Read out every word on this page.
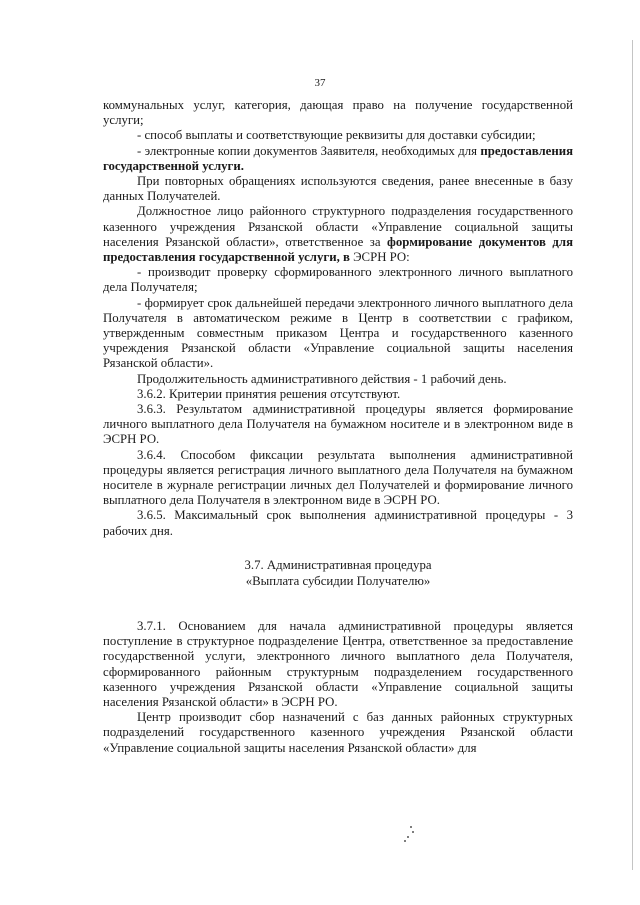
37

коммунальных услуг, категория, дающая право на получение государственной услуги;

- способ выплаты и соответствующие реквизиты для доставки субсидии;

- электронные копии документов Заявителя, необходимых для предоставления государственной услуги.

При повторных обращениях используются сведения, ранее внесенные в базу данных Получателей.

Должностное лицо районного структурного подразделения государственного казенного учреждения Рязанской области «Управление социальной защиты населения Рязанской области», ответственное за формирование документов для предоставления государственной услуги, в ЭСРН РО:

- производит проверку сформированного электронного личного выплатного дела Получателя;

- формирует срок дальнейшей передачи электронного личного выплатного дела Получателя в автоматическом режиме в Центр в соответствии с графиком, утвержденным совместным приказом Центра и государственного казенного учреждения Рязанской области «Управление социальной защиты населения Рязанской области».

Продолжительность административного действия - 1 рабочий день.

3.6.2. Критерии принятия решения отсутствуют.

3.6.3. Результатом административной процедуры является формирование личного выплатного дела Получателя на бумажном носителе и в электронном виде в ЭСРН РО.

3.6.4. Способом фиксации результата выполнения административной процедуры является регистрация личного выплатного дела Получателя на бумажном носителе в журнале регистрации личных дел Получателей и формирование личного выплатного дела Получателя в электронном виде в ЭСРН РО.

3.6.5. Максимальный срок выполнения административной процедуры - 3 рабочих дня.

3.7. Административная процедура

«Выплата субсидии Получателю»

3.7.1. Основанием для начала административной процедуры является поступление в структурное подразделение Центра, ответственное за предоставление государственной услуги, электронного личного выплатного дела Получателя, сформированного районным структурным подразделением государственного казенного учреждения Рязанской области «Управление социальной защиты населения Рязанской области» в ЭСРН РО.

Центр производит сбор назначений с баз данных районных структурных подразделений государственного казенного учреждения Рязанской области «Управление социальной защиты населения Рязанской области» для
